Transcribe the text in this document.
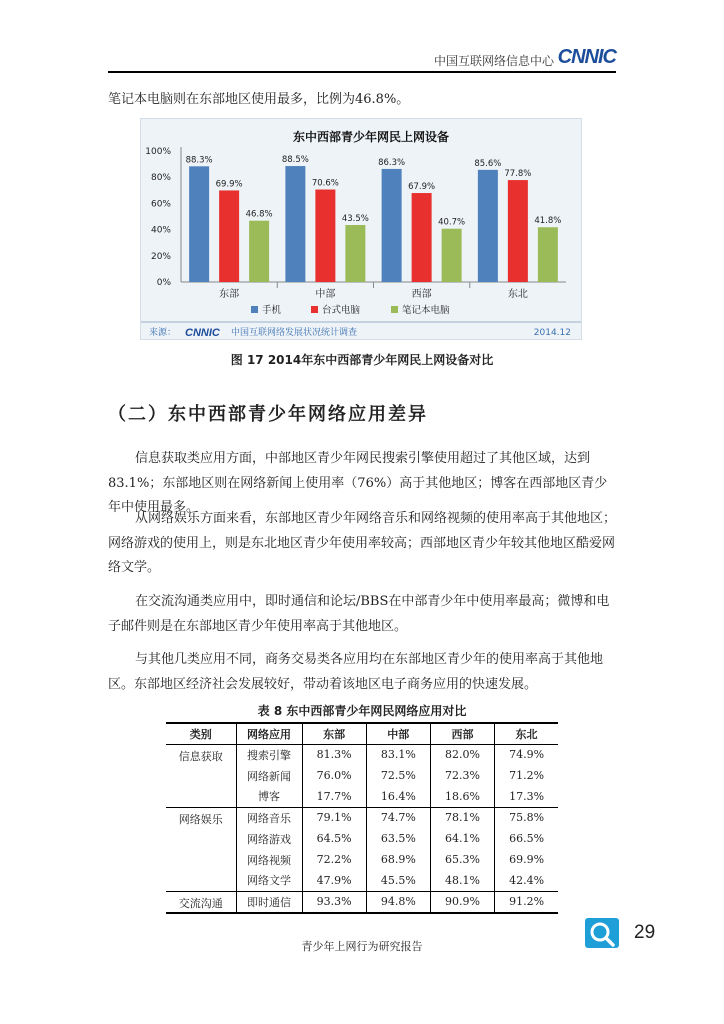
中国互联网络信息中心 CNNIC
笔记本电脑则在东部地区使用最多，比例为46.8%。
东中西部青少年网民上网设备
0%
20%
40%
60%
80%
100%
88.3%
69.9%
46.8%
88.5%
70.6%
43.5%
86.3%
67.9%
40.7%
85.6%
77.8%
41.8%
东部	中部	西部	东北
手机	台式电脑	笔记本电脑
来源： CNNIC 中国互联网络发展状况统计调查	2014.12
图 17 2014年东中西部青少年网民上网设备对比
（二）东中西部青少年网络应用差异
信息获取类应用方面，中部地区青少年网民搜索引擎使用超过了其他区域，达到83.1%；东部地区则在网络新闻上使用率（76%）高于其他地区；博客在西部地区青少年中使用最多。
从网络娱乐方面来看，东部地区青少年网络音乐和网络视频的使用率高于其他地区；网络游戏的使用上，则是东北地区青少年使用率较高；西部地区青少年较其他地区酷爱网络文学。
在交流沟通类应用中，即时通信和论坛/BBS在中部青少年中使用率最高；微博和电子邮件则是在东部地区青少年使用率高于其他地区。
与其他几类应用不同，商务交易类各应用均在东部地区青少年的使用率高于其他地区。东部地区经济社会发展较好，带动着该地区电子商务应用的快速发展。
表 8 东中西部青少年网民网络应用对比
类别	网络应用	东部	中部	西部	东北
信息获取	搜索引擎	81.3%	83.1%	82.0%	74.9%
	网络新闻	76.0%	72.5%	72.3%	71.2%
	博客	17.7%	16.4%	18.6%	17.3%
网络娱乐	网络音乐	79.1%	74.7%	78.1%	75.8%
	网络游戏	64.5%	63.5%	64.1%	66.5%
	网络视频	72.2%	68.9%	65.3%	69.9%
	网络文学	47.9%	45.5%	48.1%	42.4%
交流沟通	即时通信	93.3%	94.8%	90.9%	91.2%
29
青少年上网行为研究报告
